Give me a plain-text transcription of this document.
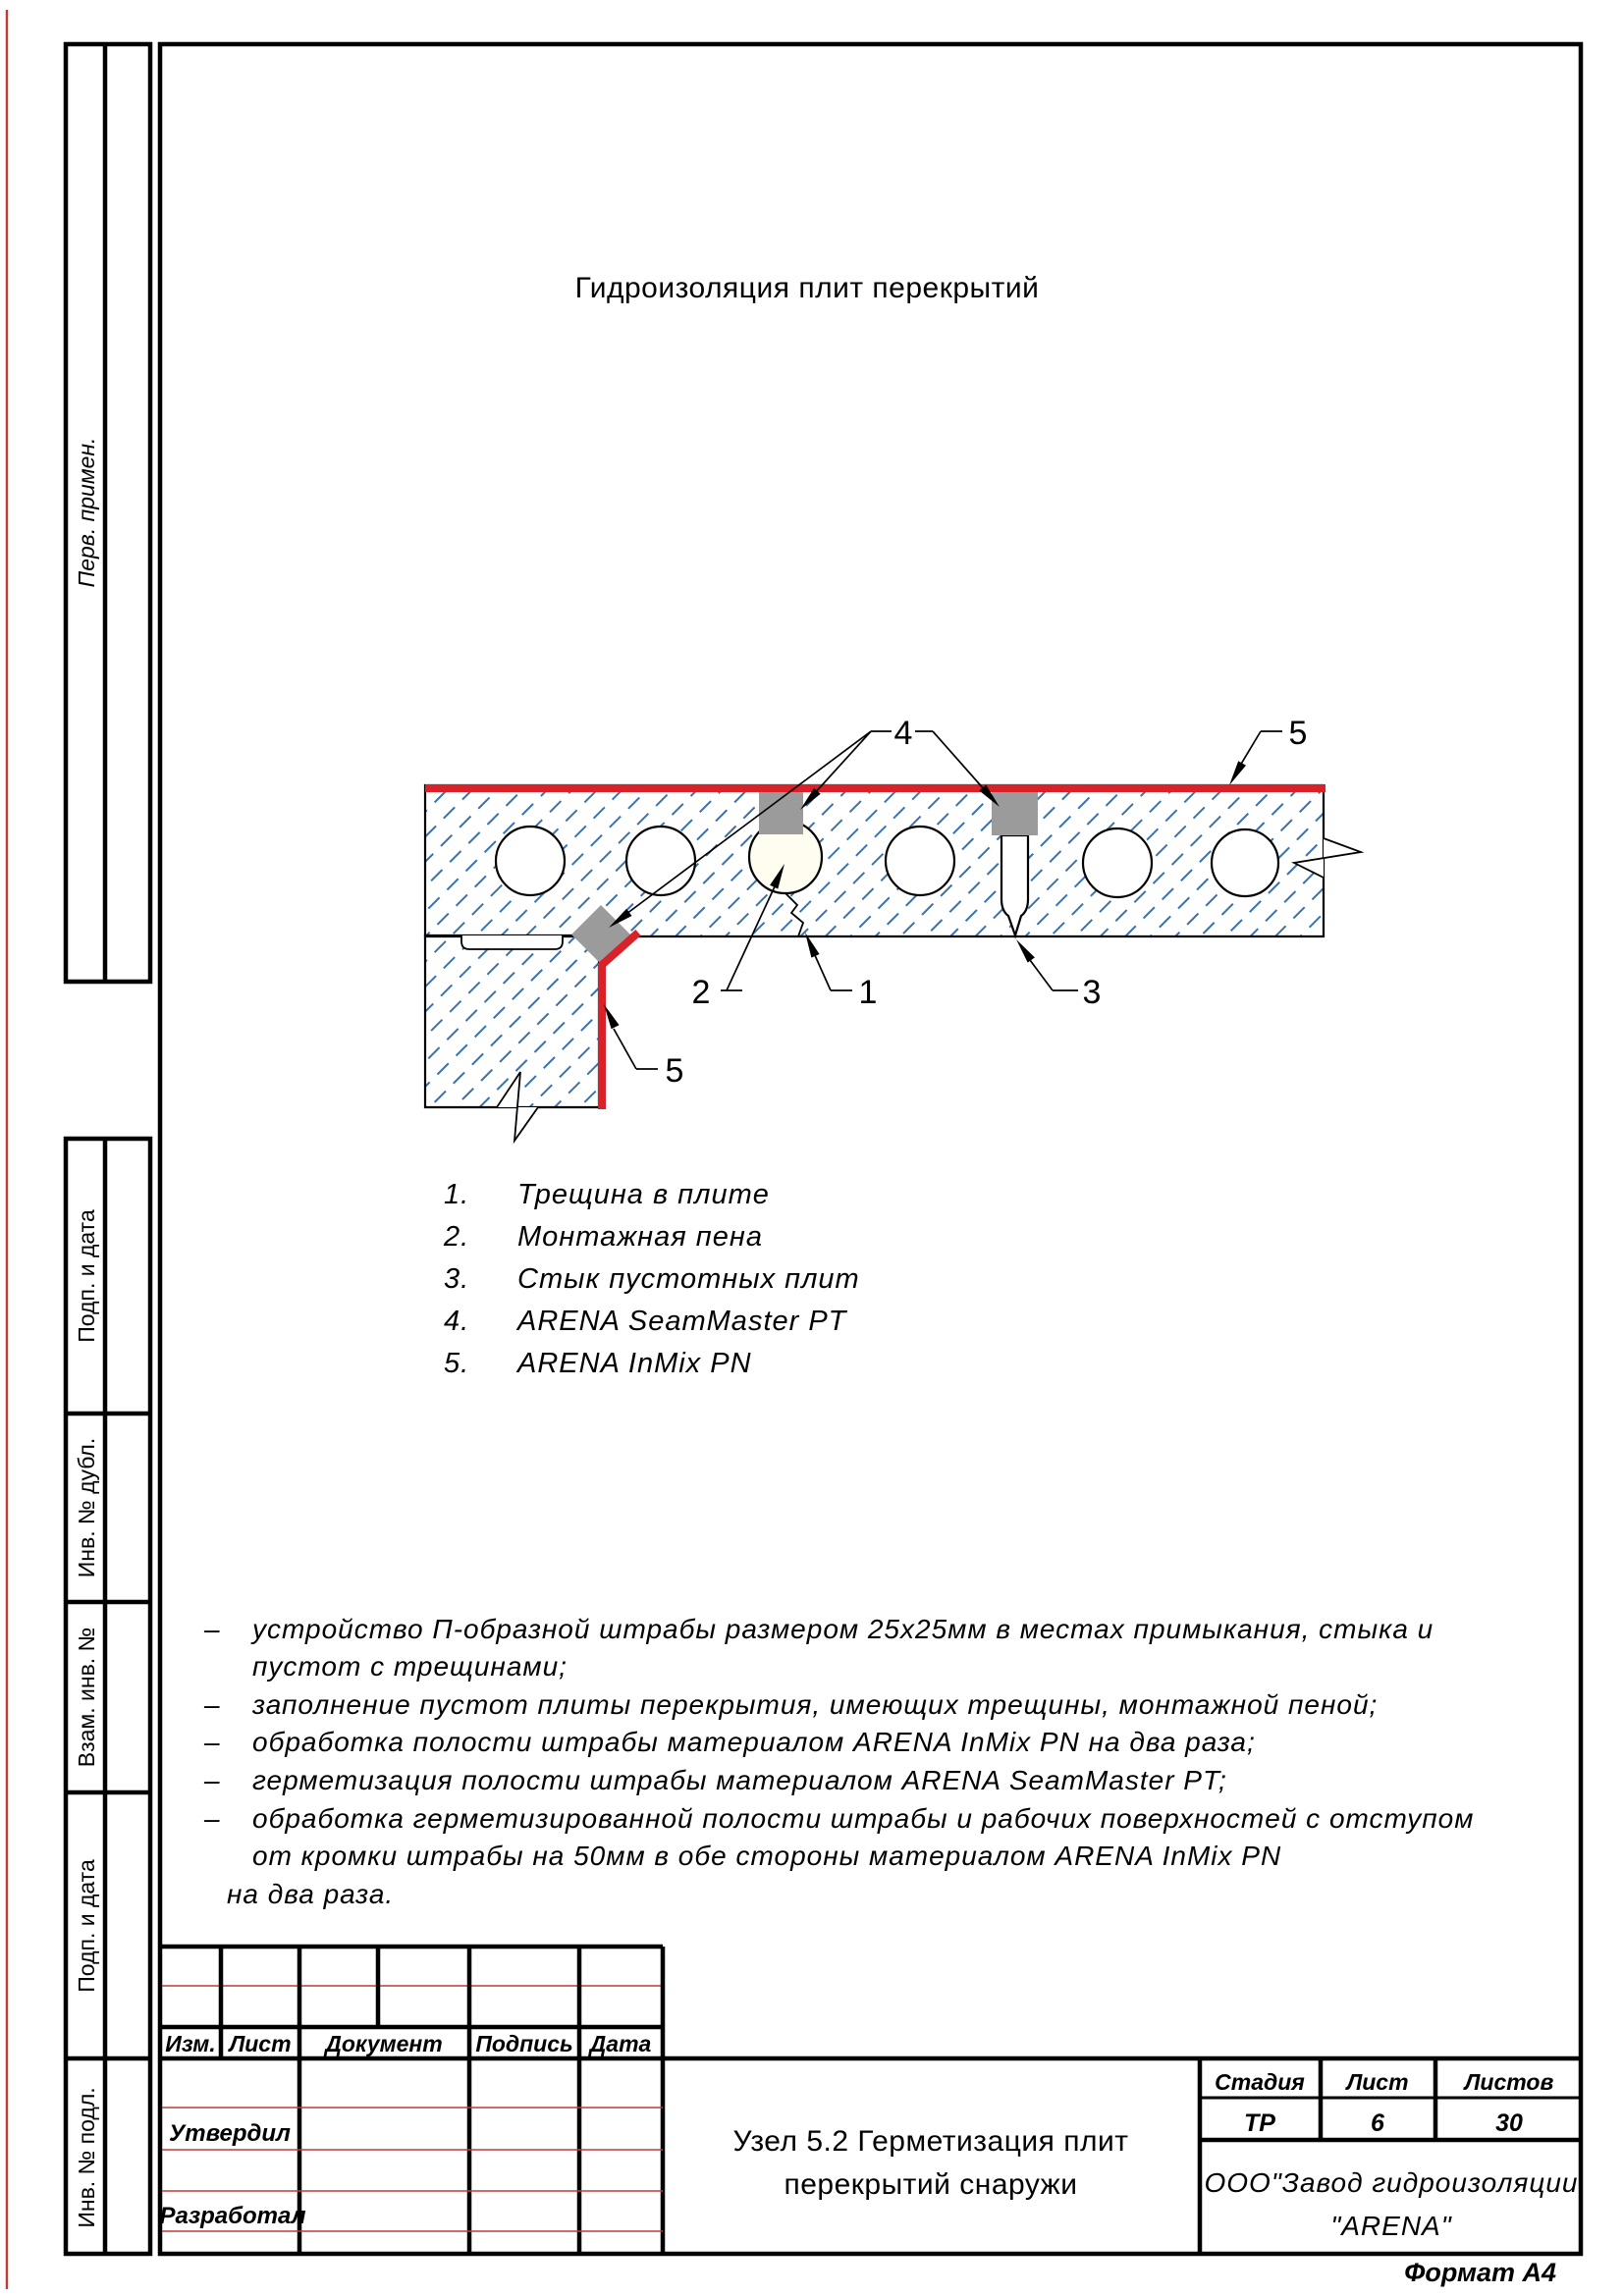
Перв. примен.
Подп. и дата
Инв. № дубл.
Взам. инв. №
Подп. и дата
Инв. № подл.
Гидроизоляция плит перекрытий
4	5
2	1	3
5
1. Трещина в плите
2. Монтажная пена
3. Стык пустотных плит
4. ARENA SeamMaster PT
5. ARENA InMix PN
– устройство П-образной штрабы размером 25х25мм в местах примыкания, стыка и
пустот с трещинами;
– заполнение пустот плиты перекрытия, имеющих трещины, монтажной пеной;
– обработка полости штрабы материалом ARENA InMix PN на два раза;
– герметизация полости штрабы материалом ARENA SeamMaster PT;
– обработка герметизированной полости штрабы и рабочих поверхностей с отступом
от кромки штрабы на 50мм в обе стороны материалом ARENA InMix PN
на два раза.
Изм. Лист Документ Подпись Дата
Утвердил
Разработал
Узел 5.2 Герметизация плит
перекрытий снаружи
Стадия Лист Листов
ТР	6	30
ООО"Завод гидроизоляции
"ARENA"
Формат А4
